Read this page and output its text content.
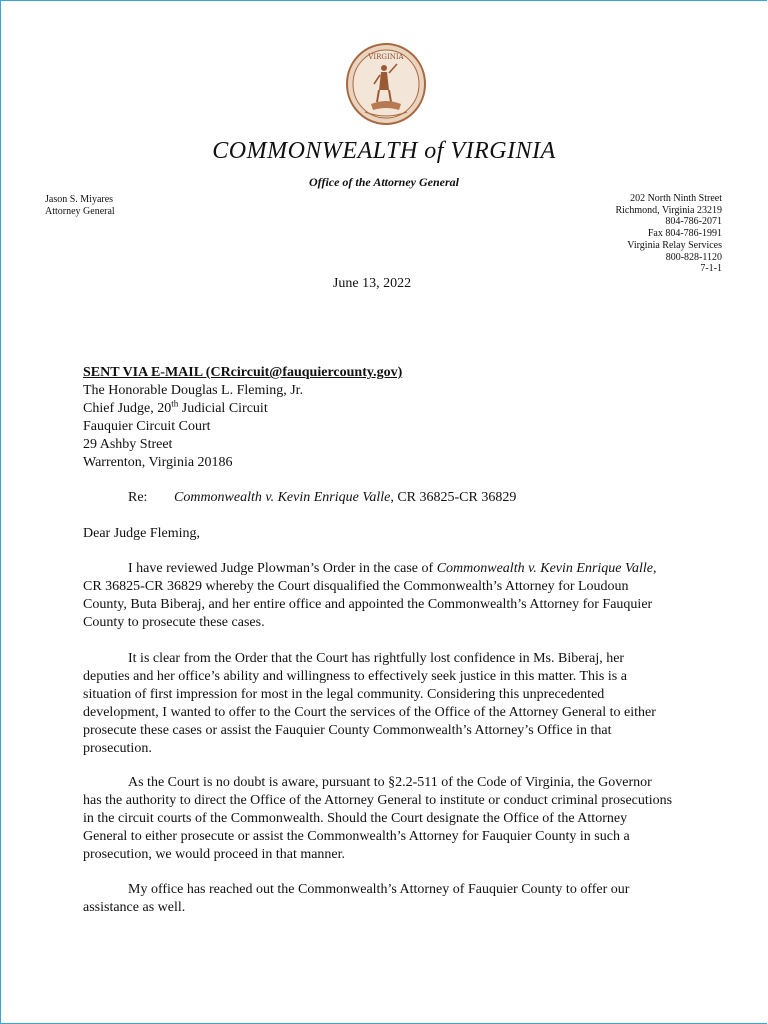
VIRGINIA
COMMONWEALTH of VIRGINIA
Office of the Attorney General
Jason S. Miyares
Attorney General
202 North Ninth Street
Richmond, Virginia 23219
804-786-2071
Fax 804-786-1991
Virginia Relay Services
800-828-1120
7-1-1
June 13, 2022
SENT VIA E-MAIL (CRcircuit@fauquiercounty.gov)
The Honorable Douglas L. Fleming, Jr.
Chief Judge, 20th Judicial Circuit
Fauquier Circuit Court
29 Ashby Street
Warrenton, Virginia 20186
Re: Commonwealth v. Kevin Enrique Valle, CR 36825-CR 36829
Dear Judge Fleming,
I have reviewed Judge Plowman’s Order in the case of Commonwealth v. Kevin Enrique Valle, CR 36825-CR 36829 whereby the Court disqualified the Commonwealth’s Attorney for Loudoun County, Buta Biberaj, and her entire office and appointed the Commonwealth’s Attorney for Fauquier County to prosecute these cases.
It is clear from the Order that the Court has rightfully lost confidence in Ms. Biberaj, her deputies and her office’s ability and willingness to effectively seek justice in this matter. This is a situation of first impression for most in the legal community. Considering this unprecedented development, I wanted to offer to the Court the services of the Office of the Attorney General to either prosecute these cases or assist the Fauquier County Commonwealth’s Attorney’s Office in that prosecution.
As the Court is no doubt is aware, pursuant to §2.2-511 of the Code of Virginia, the Governor has the authority to direct the Office of the Attorney General to institute or conduct criminal prosecutions in the circuit courts of the Commonwealth. Should the Court designate the Office of the Attorney General to either prosecute or assist the Commonwealth’s Attorney for Fauquier County in such a prosecution, we would proceed in that manner.
My office has reached out the Commonwealth’s Attorney of Fauquier County to offer our assistance as well.
